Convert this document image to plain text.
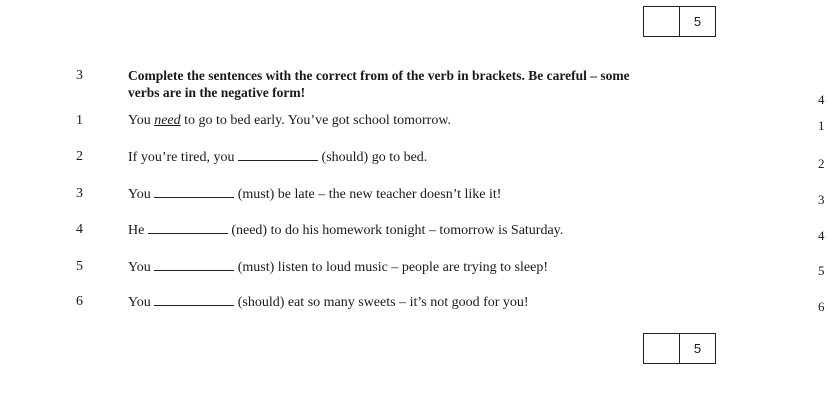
5
3	Complete the sentences with the correct from of the verb in brackets. Be careful – some
verbs are in the negative form!
1	You need to go to bed early. You’ve got school tomorrow.
2	If you’re tired, you	(should) go to bed.
3	You	(must) be late – the new teacher doesn’t like it!
4	He	(need) to do his homework tonight – tomorrow is Saturday.
5	You	(must) listen to loud music – people are trying to sleep!
6	You	(should) eat so many sweets – it’s not good for you!
5
4
1
2
3
4
5
6
